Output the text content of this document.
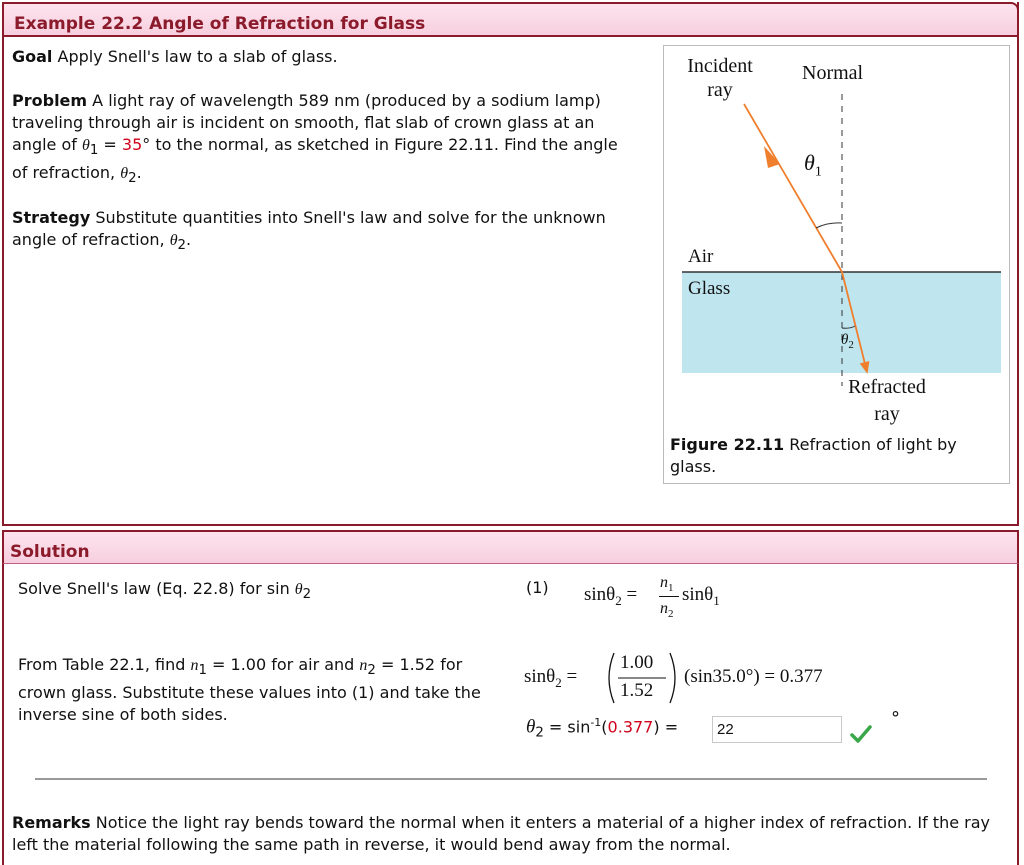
Example 22.2 Angle of Refraction for Glass
Goal Apply Snell's law to a slab of glass.
Problem A light ray of wavelength 589 nm (produced by a sodium lamp) traveling through air is incident on smooth, flat slab of crown glass at an angle of $\theta_1 = 35^\circ$ to the normal, as sketched in Figure 22.11. Find the angle of refraction, $\theta_2$.
Strategy Substitute quantities into Snell's law and solve for the unknown angle of refraction, $\theta_2$.
Incident
ray
Normal
$\theta_1$
Air
Glass
$\theta_2$
Refracted
ray
Figure 22.11 Refraction of light by glass.
Solution
Solve Snell's law (Eq. 22.8) for $\sin \theta_2$	(1) sinθ$_2$ =
$n_1$
$n_2$
sinθ$_1$
From Table 22.1, find $n_1 = 1.00$ for air and $n_2 = 1.52$ for crown glass. Substitute these values into (1) and take the inverse sine of both sides.
sinθ$_2$ =
1.00
1.52
(sin35.0°) = 0.377
$\theta_2 = \sin^{-1}(0.377)$ =
22	°
Remarks Notice the light ray bends toward the normal when it enters a material of a higher index of refraction. If the ray left the material following the same path in reverse, it would bend away from the normal.
